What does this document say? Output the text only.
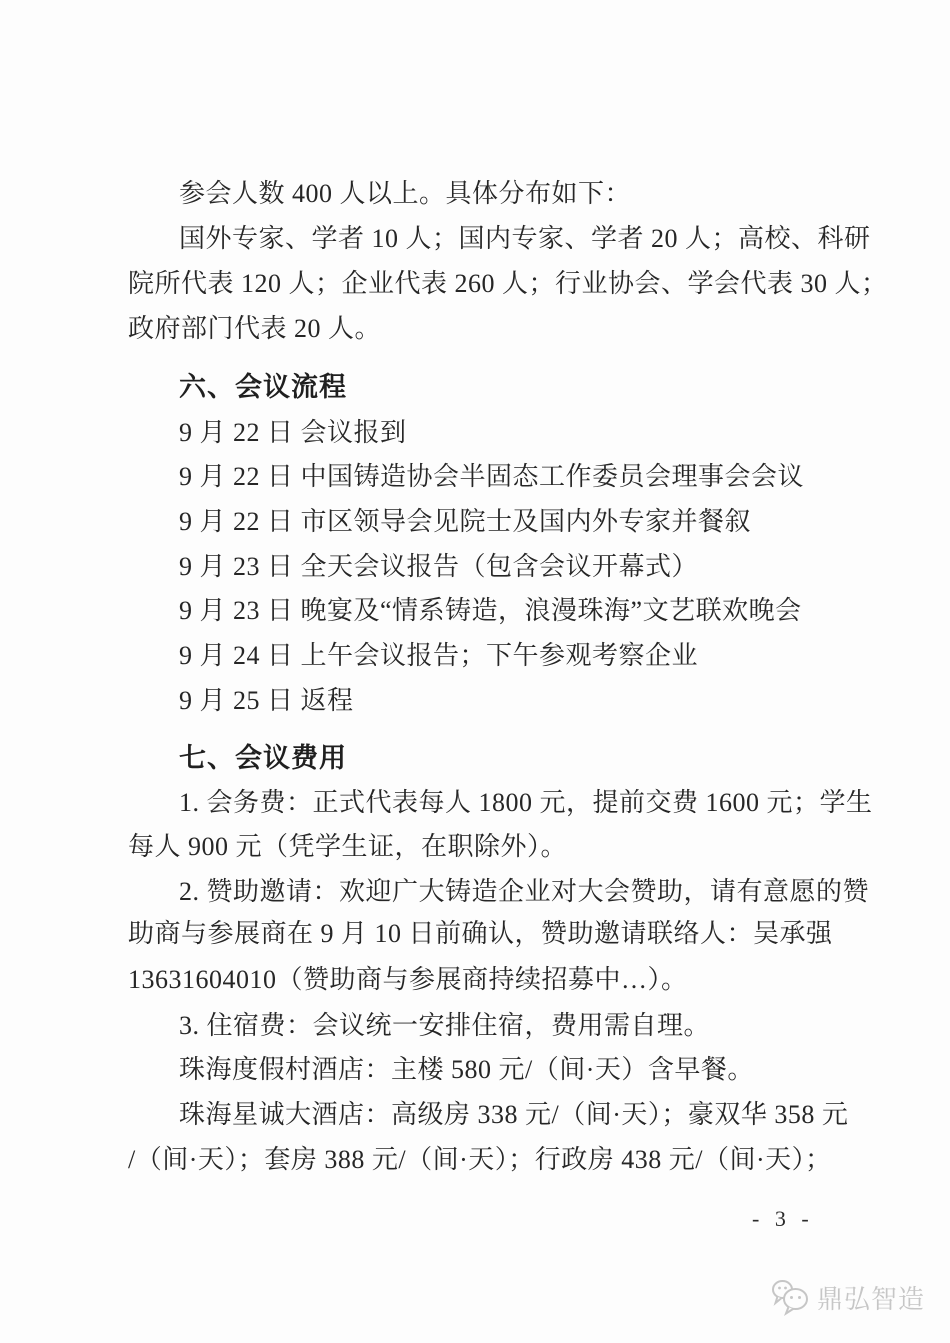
参会人数 400 人以上。具体分布如下：
国外专家、学者 10 人；国内专家、学者 20 人；高校、科研
院所代表 120 人；企业代表 260 人；行业协会、学会代表 30 人；
政府部门代表 20 人。
六、会议流程
9 月 22 日 会议报到
9 月 22 日 中国铸造协会半固态工作委员会理事会会议
9 月 22 日 市区领导会见院士及国内外专家并餐叙
9 月 23 日 全天会议报告（包含会议开幕式）
9 月 23 日 晚宴及“情系铸造，浪漫珠海”文艺联欢晚会
9 月 24 日 上午会议报告；下午参观考察企业
9 月 25 日 返程
七、会议费用
1. 会务费：正式代表每人 1800 元，提前交费 1600 元；学生
每人 900 元（凭学生证，在职除外）。
2. 赞助邀请：欢迎广大铸造企业对大会赞助，请有意愿的赞
助商与参展商在 9 月 10 日前确认，赞助邀请联络人：吴承强
13631604010（赞助商与参展商持续招募中…）。
3. 住宿费：会议统一安排住宿，费用需自理。
珠海度假村酒店：主楼 580 元/（间·天）含早餐。
珠海星诚大酒店：高级房 338 元/（间·天）；豪双华 358 元
/（间·天）；套房 388 元/（间·天）；行政房 438 元/（间·天）；
- 3 -
鼎弘智造
